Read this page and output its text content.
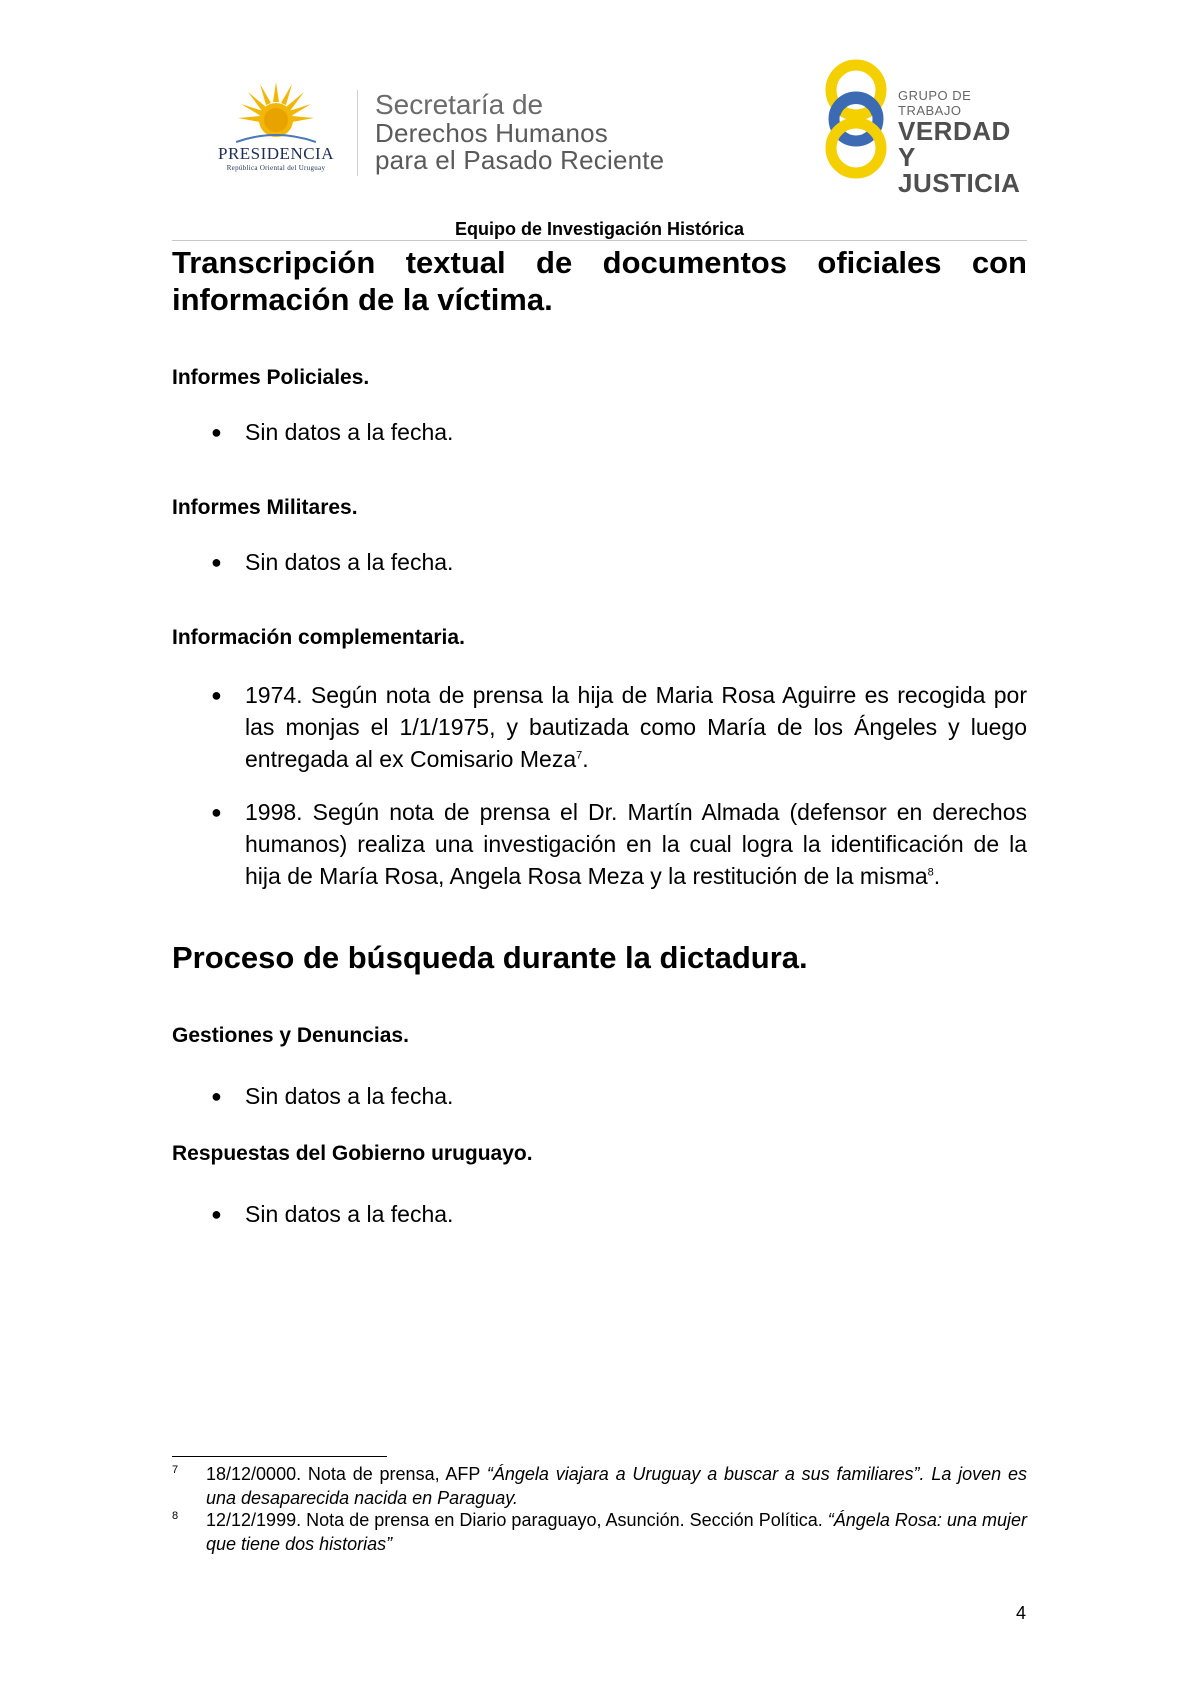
PRESIDENCIA
República Oriental del Uruguay
Secretaría de
Derechos Humanos
para el Pasado Reciente
GRUPO DE TRABAJO
VERDAD Y
JUSTICIA
Equipo de Investigación Histórica
Transcripción textual de documentos oficiales con
información de la víctima.
Informes Policiales.
● Sin datos a la fecha.
Informes Militares.
● Sin datos a la fecha.
Información complementaria.
● 1974. Según nota de prensa la hija de Maria Rosa Aguirre es recogida por las monjas el 1/1/1975, y bautizada como María de los Ángeles y luego entregada al ex Comisario Meza$^7$.
● 1998. Según nota de prensa el Dr. Martín Almada (defensor en derechos humanos) realiza una investigación en la cual logra la identificación de la hija de María Rosa, Angela Rosa Meza y la restitución de la misma$^8$.
Proceso de búsqueda durante la dictadura.
Gestiones y Denuncias.
● Sin datos a la fecha.
Respuestas del Gobierno uruguayo.
● Sin datos a la fecha.
7	18/12/0000. Nota de prensa, AFP “Ángela viajara a Uruguay a buscar a sus familiares”. La joven es una desaparecida nacida en Paraguay.
8	12/12/1999. Nota de prensa en Diario paraguayo, Asunción. Sección Política. “Ángela Rosa: una mujer que tiene dos historias”
4
